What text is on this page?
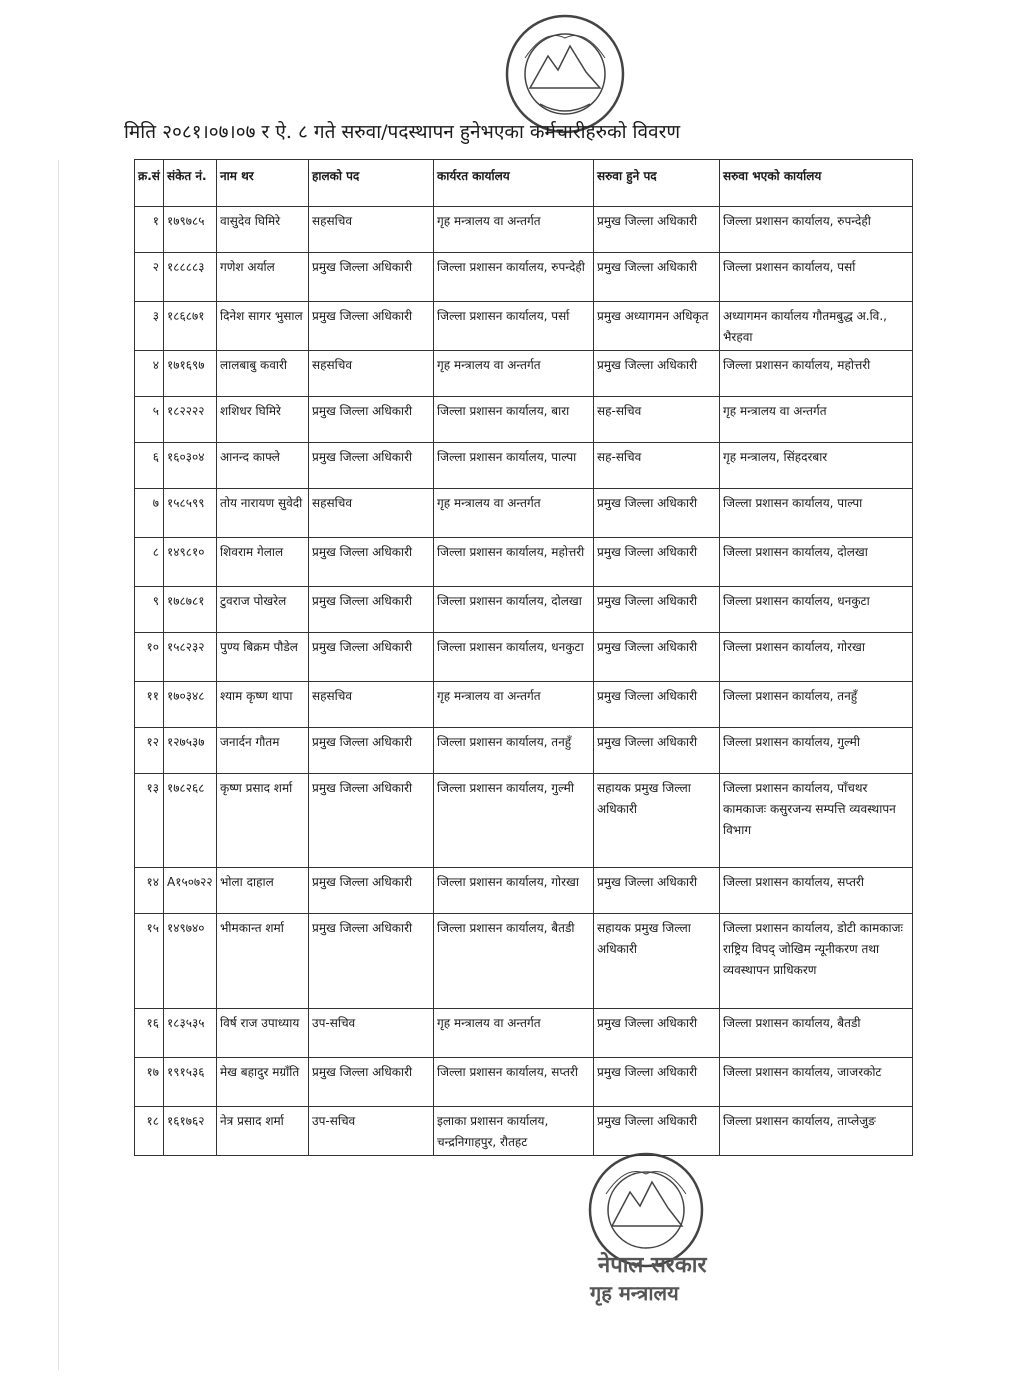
नेपाल सरकार
गृह मन्त्रालय
मिति २०८१।०७।०७ र ऐ. ८ गते सरुवा/पदस्थापन हुनेभएका कर्मचारीहरुको विवरण
क्र.सं	संकेत नं.	नाम थर	हालको पद	कार्यरत कार्यालय	सरुवा हुने पद	सरुवा भएको कार्यालय
१	१७९७८५	वासुदेव घिमिरे	सहसचिव	गृह मन्त्रालय वा अन्तर्गत	प्रमुख जिल्ला अधिकारी	जिल्ला प्रशासन कार्यालय, रुपन्देही
२	१८८८८३	गणेश अर्याल	प्रमुख जिल्ला अधिकारी	जिल्ला प्रशासन कार्यालय, रुपन्देही	प्रमुख जिल्ला अधिकारी	जिल्ला प्रशासन कार्यालय, पर्सा
३	१८६८७१	दिनेश सागर भुसाल	प्रमुख जिल्ला अधिकारी	जिल्ला प्रशासन कार्यालय, पर्सा	प्रमुख अध्यागमन अधिकृत	अध्यागमन कार्यालय गौतमबुद्ध अ.वि., भैरहवा
४	१७१६९७	लालबाबु कवारी	सहसचिव	गृह मन्त्रालय वा अन्तर्गत	प्रमुख जिल्ला अधिकारी	जिल्ला प्रशासन कार्यालय, महोत्तरी
५	१८२२२२	शशिधर घिमिरे	प्रमुख जिल्ला अधिकारी	जिल्ला प्रशासन कार्यालय, बारा	सह-सचिव	गृह मन्त्रालय वा अन्तर्गत
६	१६०३०४	आनन्द काफ्ले	प्रमुख जिल्ला अधिकारी	जिल्ला प्रशासन कार्यालय, पाल्पा	सह-सचिव	गृह मन्त्रालय, सिंहदरबार
७	१५८५९९	तोय नारायण सुवेदी	सहसचिव	गृह मन्त्रालय वा अन्तर्गत	प्रमुख जिल्ला अधिकारी	जिल्ला प्रशासन कार्यालय, पाल्पा
८	१४९८१०	शिवराम गेलाल	प्रमुख जिल्ला अधिकारी	जिल्ला प्रशासन कार्यालय, महोत्तरी	प्रमुख जिल्ला अधिकारी	जिल्ला प्रशासन कार्यालय, दोलखा
९	१७८७८१	टुवराज पोखरेल	प्रमुख जिल्ला अधिकारी	जिल्ला प्रशासन कार्यालय, दोलखा	प्रमुख जिल्ला अधिकारी	जिल्ला प्रशासन कार्यालय, धनकुटा
१०	१५८२३२	पुण्य बिक्रम पौडेल	प्रमुख जिल्ला अधिकारी	जिल्ला प्रशासन कार्यालय, धनकुटा	प्रमुख जिल्ला अधिकारी	जिल्ला प्रशासन कार्यालय, गोरखा
११	१७०३४८	श्याम कृष्ण थापा	सहसचिव	गृह मन्त्रालय वा अन्तर्गत	प्रमुख जिल्ला अधिकारी	जिल्ला प्रशासन कार्यालय, तनहुँ
१२	१२७५३७	जनार्दन गौतम	प्रमुख जिल्ला अधिकारी	जिल्ला प्रशासन कार्यालय, तनहुँ	प्रमुख जिल्ला अधिकारी	जिल्ला प्रशासन कार्यालय, गुल्मी
१३	१७८२६८	कृष्ण प्रसाद शर्मा	प्रमुख जिल्ला अधिकारी	जिल्ला प्रशासन कार्यालय, गुल्मी	सहायक प्रमुख जिल्ला अधिकारी	जिल्ला प्रशासन कार्यालय, पाँचथर कामकाजः कसुरजन्य सम्पत्ति व्यवस्थापन विभाग
१४	A१५०७२२	भोला दाहाल	प्रमुख जिल्ला अधिकारी	जिल्ला प्रशासन कार्यालय, गोरखा	प्रमुख जिल्ला अधिकारी	जिल्ला प्रशासन कार्यालय, सप्तरी
१५	१४९७४०	भीमकान्त शर्मा	प्रमुख जिल्ला अधिकारी	जिल्ला प्रशासन कार्यालय, बैतडी	सहायक प्रमुख जिल्ला अधिकारी	जिल्ला प्रशासन कार्यालय, डोटी कामकाजः राष्ट्रिय विपद् जोखिम न्यूनीकरण तथा व्यवस्थापन प्राधिकरण
१६	१८३५३५	विर्ष राज उपाध्याय	उप-सचिव	गृह मन्त्रालय वा अन्तर्गत	प्रमुख जिल्ला अधिकारी	जिल्ला प्रशासन कार्यालय, बैतडी
१७	१९१५३६	मेख बहादुर मग्राँति	प्रमुख जिल्ला अधिकारी	जिल्ला प्रशासन कार्यालय, सप्तरी	प्रमुख जिल्ला अधिकारी	जिल्ला प्रशासन कार्यालय, जाजरकोट
१८	१६१७६२	नेत्र प्रसाद शर्मा	उप-सचिव	इलाका प्रशासन कार्यालय, चन्द्रनिगाहपुर, रौतहट	प्रमुख जिल्ला अधिकारी	जिल्ला प्रशासन कार्यालय, ताप्लेजुङ
